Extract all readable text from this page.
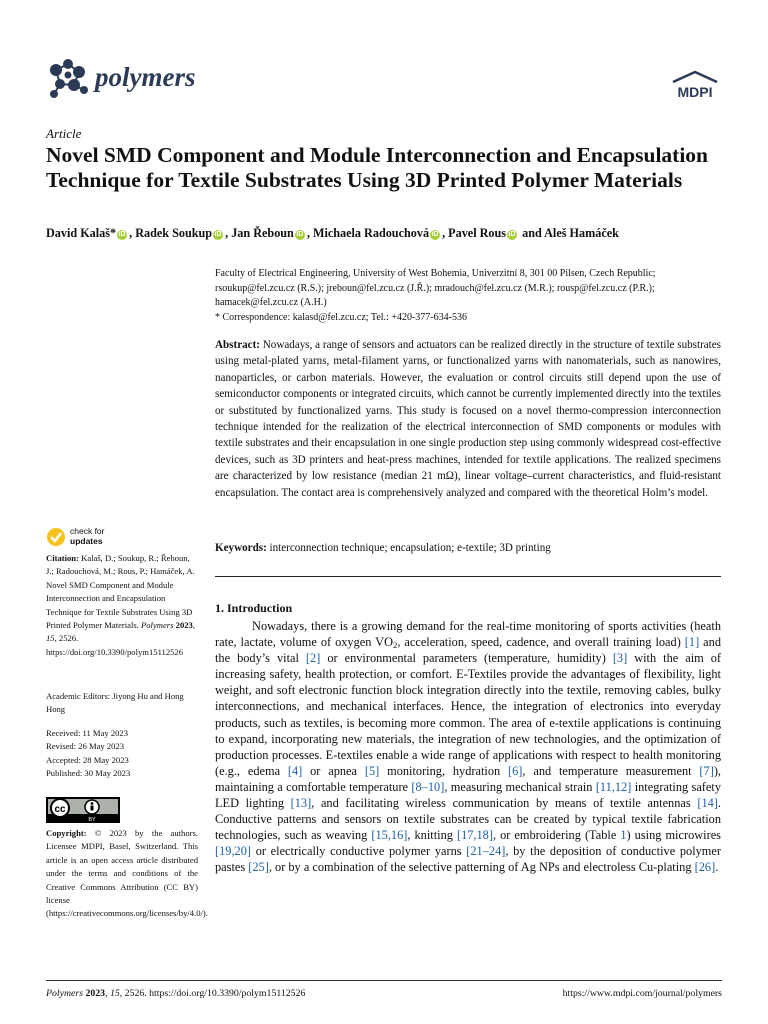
polymers	MDPI
Article
Novel SMD Component and Module Interconnection and Encapsulation Technique for Textile Substrates Using 3D Printed Polymer Materials
David Kalaš* iD , Radek Soukup iD , Jan Řeboun iD , Michaela Radouchová iD , Pavel Rous iD and Aleš Hamáček
Faculty of Electrical Engineering, University of West Bohemia, Univerzitní 8, 301 00 Pilsen, Czech Republic; rsoukup@fel.zcu.cz (R.S.); jreboun@fel.zcu.cz (J.Ř.); mradouch@fel.zcu.cz (M.R.); rousp@fel.zcu.cz (P.R.); hamacek@fel.zcu.cz (A.H.)
* Correspondence: kalasd@fel.zcu.cz; Tel.: +420-377-634-536
Abstract: Nowadays, a range of sensors and actuators can be realized directly in the structure of textile substrates using metal-plated yarns, metal-filament yarns, or functionalized yarns with nanomaterials, such as nanowires, nanoparticles, or carbon materials. However, the evaluation or control circuits still depend upon the use of semiconductor components or integrated circuits, which cannot be currently implemented directly into the textiles or substituted by functionalized yarns. This study is focused on a novel thermo-compression interconnection technique intended for the realization of the electrical interconnection of SMD components or modules with textile substrates and their encapsulation in one single production step using commonly widespread cost-effective devices, such as 3D printers and heat-press machines, intended for textile applications. The realized specimens are characterized by low resistance (median 21 mΩ), linear voltage–current characteristics, and fluid-resistant encapsulation. The contact area is comprehensively analyzed and compared with the theoretical Holm’s model.
Keywords: interconnection technique; encapsulation; e-textile; 3D printing
1. Introduction
   Nowadays, there is a growing demand for the real-time monitoring of sports activities (heath rate, lactate, volume of oxygen $VO_2$, acceleration, speed, cadence, and overall training load) [1] and the body’s vital [2] or environmental parameters (temperature, humidity) [3] with the aim of increasing safety, health protection, or comfort. E-Textiles provide the advantages of flexibility, light weight, and soft electronic function block integration directly into the textile, removing cables, bulky interconnections, and mechanical interfaces. Hence, the integration of electronics into everyday products, such as textiles, is becoming more common. The area of e-textile applications is continuing to expand, incorporating new materials, the integration of new technologies, and the optimization of production processes. E-textiles enable a wide range of applications with respect to health monitoring (e.g., edema [4] or apnea [5] monitoring, hydration [6], and temperature measurement [7]), maintaining a comfortable temperature [8–10], measuring mechanical strain [11,12] integrating safety LED lighting [13], and facilitating wireless communication by means of textile antennas [14]. Conductive patterns and sensors on textile substrates can be created by typical textile fabrication technologies, such as weaving [15,16], knitting [17,18], or embroidering (Table 1) using microwires [19,20] or electrically conductive polymer yarns [21–24], by the deposition of conductive polymer pastes [25], or by a combination of the selective patterning of Ag NPs and electroless Cu-plating [26].
check for
updates
Citation: Kalaš, D.; Soukup, R.; Řeboun, J.; Radouchová, M.; Rous, P.; Hamáček, A. Novel SMD Component and Module Interconnection and Encapsulation Technique for Textile Substrates Using 3D Printed Polymer Materials. Polymers 2023, 15, 2526. https://doi.org/10.3390/polym15112526
Academic Editors: Jiyong Hu and Hong Hong
Received: 11 May 2023
Revised: 26 May 2023
Accepted: 28 May 2023
Published: 30 May 2023
cc
BY
Copyright: © 2023 by the authors. Licensee MDPI, Basel, Switzerland. This article is an open access article distributed under the terms and conditions of the Creative Commons Attribution (CC BY) license (https://creativecommons.org/licenses/by/4.0/).
Polymers 2023, 15, 2526. https://doi.org/10.3390/polym15112526	https://www.mdpi.com/journal/polymers
